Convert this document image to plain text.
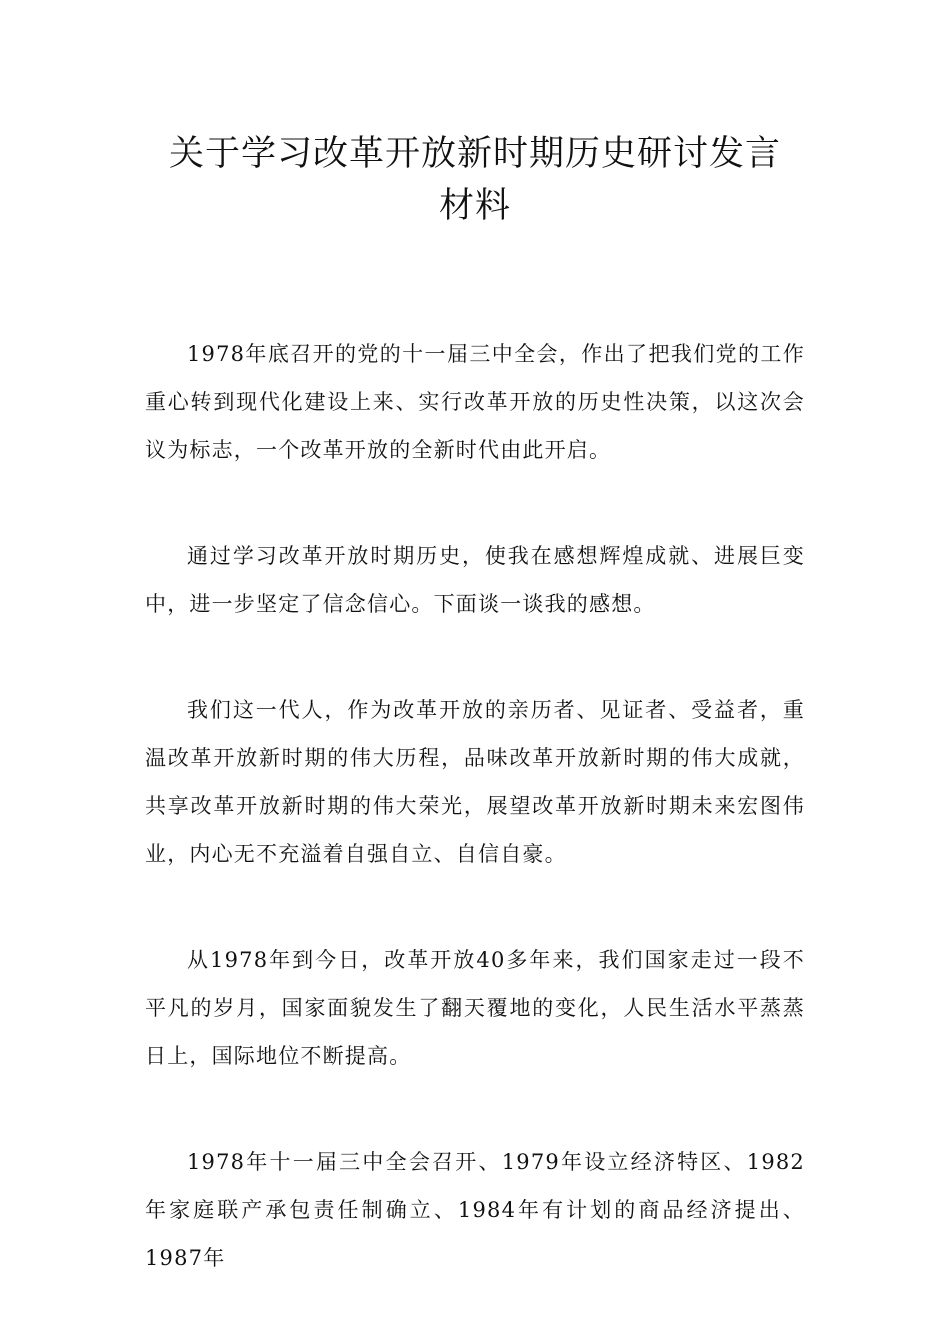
关于学习改革开放新时期历史研讨发言
材料

1978年底召开的党的十一届三中全会，作出了把我们党的工作重心转到现代化建设上来、实行改革开放的历史性决策，以这次会议为标志，一个改革开放的全新时代由此开启。

通过学习改革开放时期历史，使我在感想辉煌成就、进展巨变中，进一步坚定了信念信心。下面谈一谈我的感想。

我们这一代人，作为改革开放的亲历者、见证者、受益者，重温改革开放新时期的伟大历程，品味改革开放新时期的伟大成就，共享改革开放新时期的伟大荣光，展望改革开放新时期未来宏图伟业，内心无不充溢着自强自立、自信自豪。

从1978年到今日，改革开放40多年来，我们国家走过一段不平凡的岁月，国家面貌发生了翻天覆地的变化，人民生活水平蒸蒸日上，国际地位不断提高。

1978年十一届三中全会召开、1979年设立经济特区、1982年家庭联产承包责任制确立、1984年有计划的商品经济提出、1987年
